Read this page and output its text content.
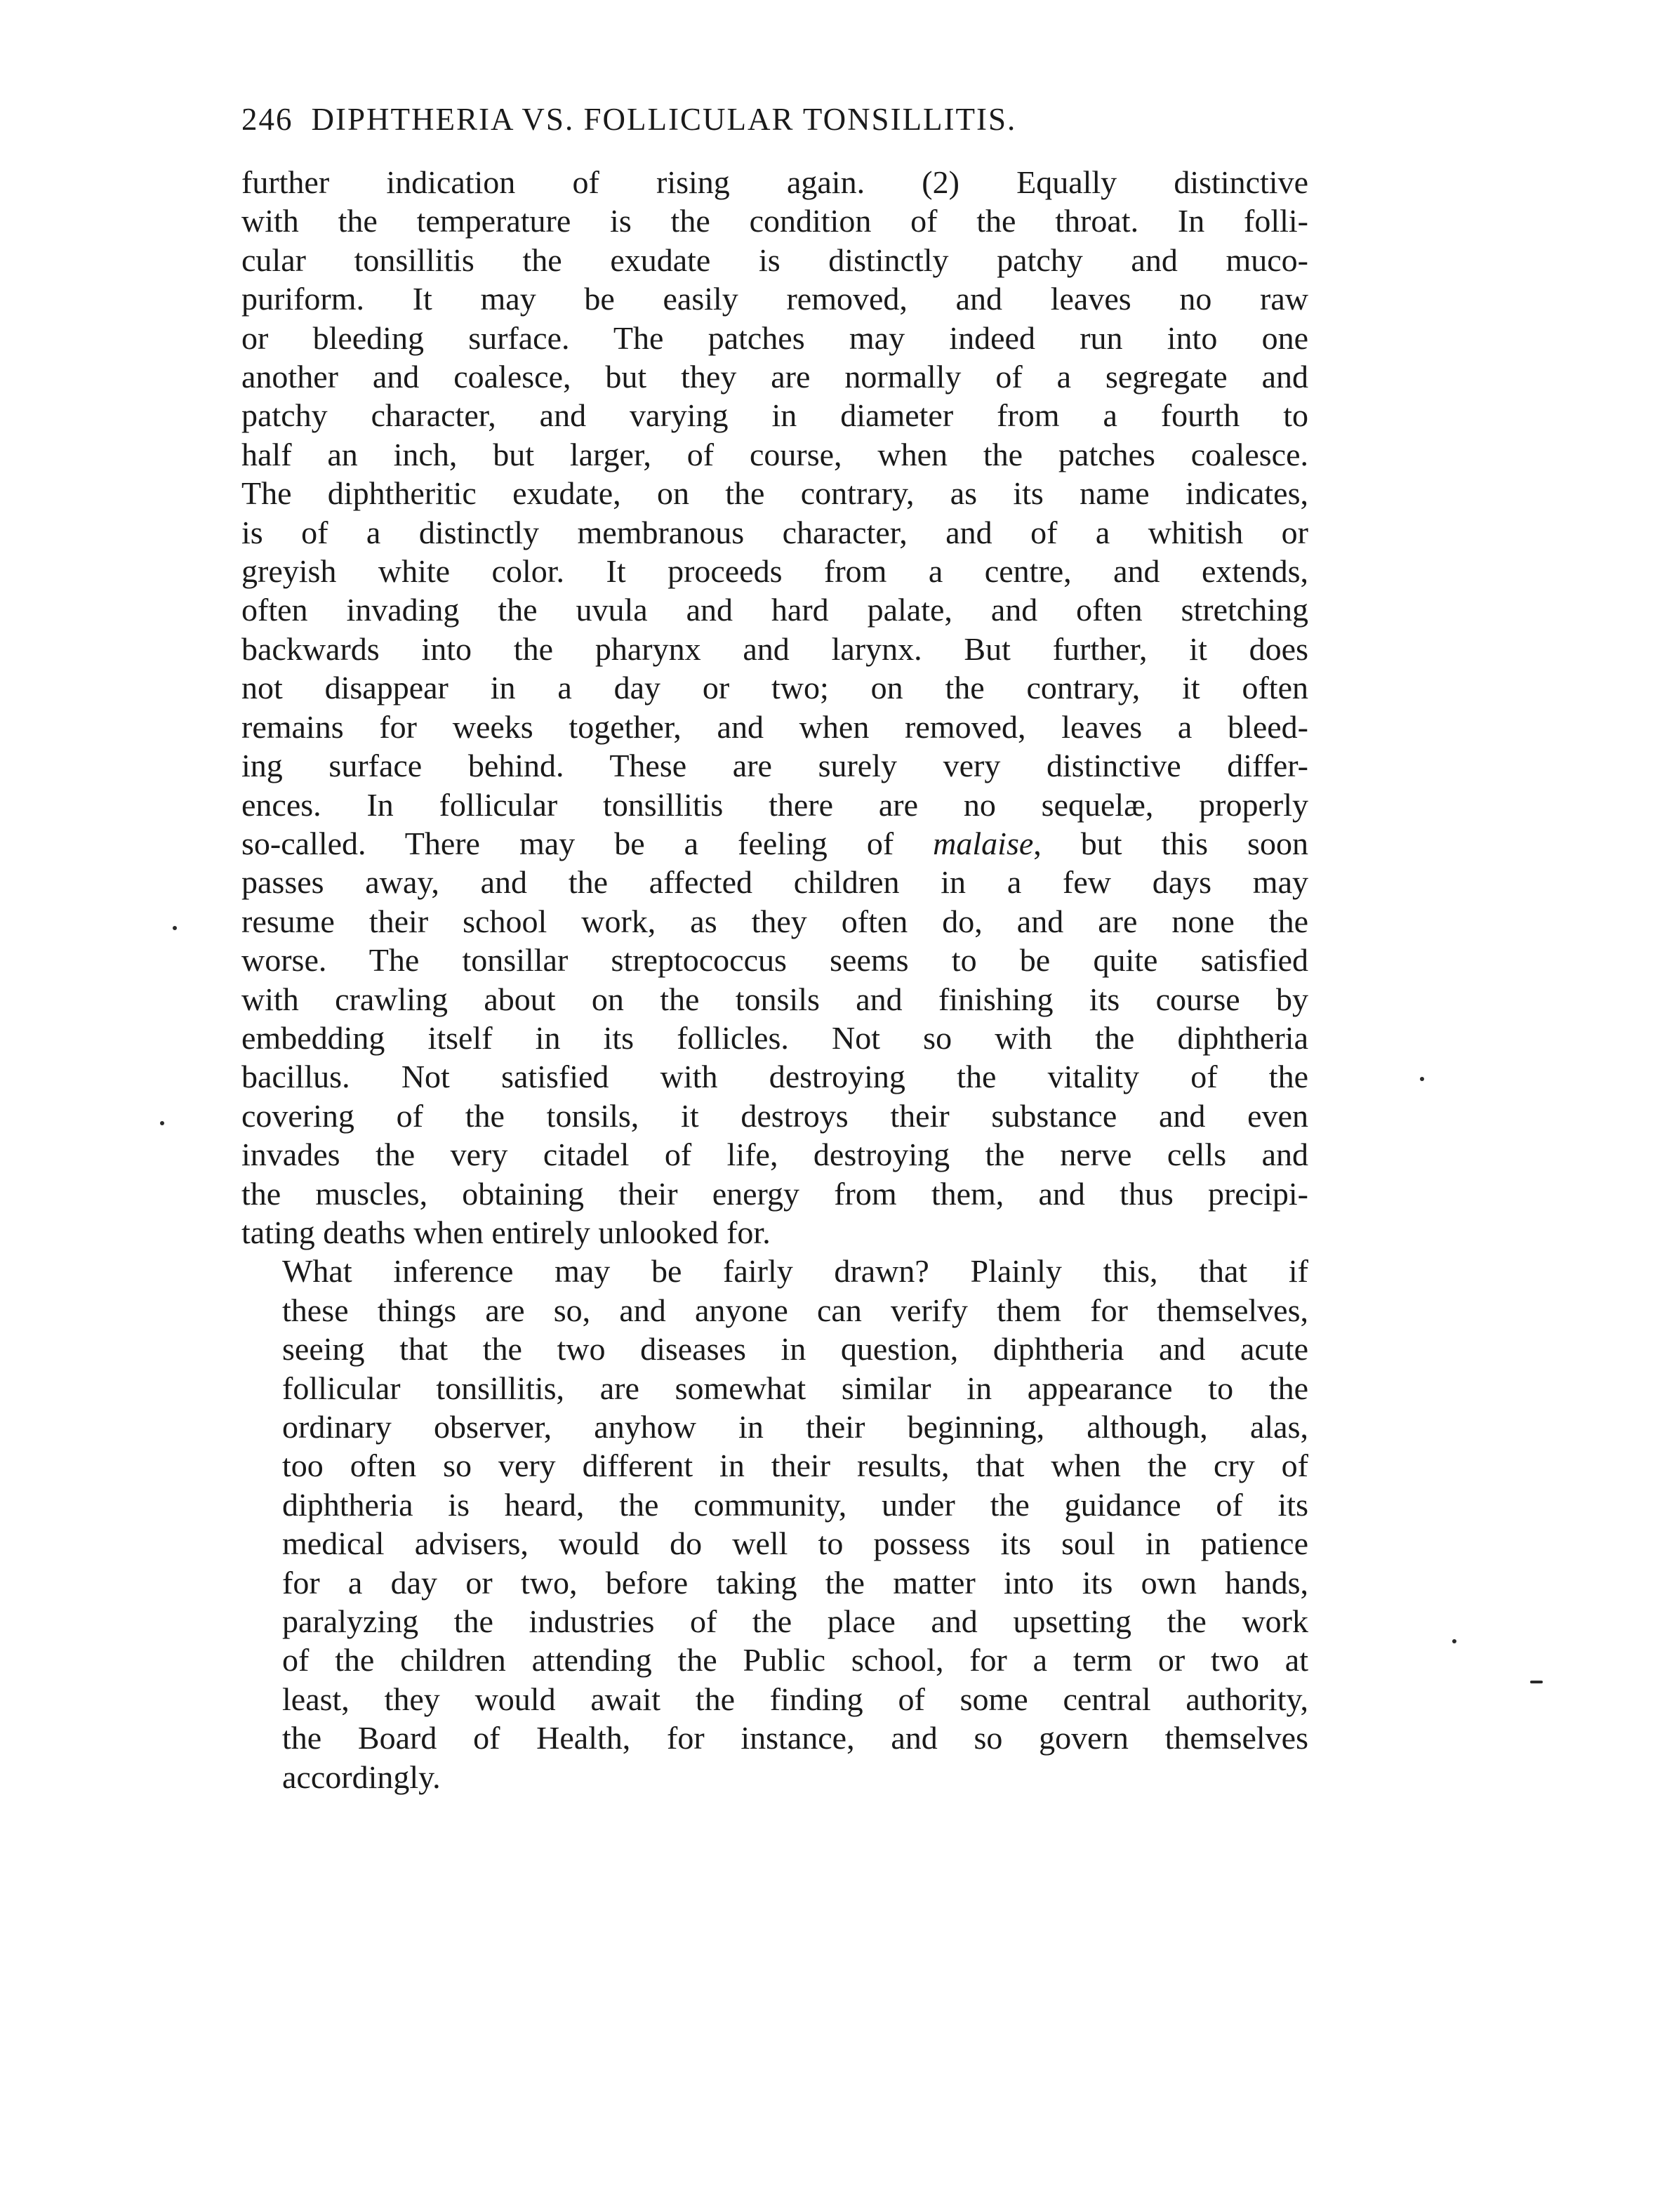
246 DIPHTHERIA VS. FOLLICULAR TONSILLITIS.

further indication of rising again. (2) Equally distinctive
with the temperature is the condition of the throat. In folli-
cular tonsillitis the exudate is distinctly patchy and muco-
puriform. It may be easily removed, and leaves no raw
or bleeding surface. The patches may indeed run into one
another and coalesce, but they are normally of a segregate and
patchy character, and varying in diameter from a fourth to
half an inch, but larger, of course, when the patches coalesce.
The diphtheritic exudate, on the contrary, as its name indicates,
is of a distinctly membranous character, and of a whitish or
greyish white color. It proceeds from a centre, and extends,
often invading the uvula and hard palate, and often stretching
backwards into the pharynx and larynx. But further, it does
not disappear in a day or two; on the contrary, it often
remains for weeks together, and when removed, leaves a bleed-
ing surface behind. These are surely very distinctive differ-
ences. In follicular tonsillitis there are no sequelæ, properly
so-called. There may be a feeling of malaise, but this soon
passes away, and the affected children in a few days may
resume their school work, as they often do, and are none the
worse. The tonsillar streptococcus seems to be quite satisfied
with crawling about on the tonsils and finishing its course by
embedding itself in its follicles. Not so with the diphtheria
bacillus. Not satisfied with destroying the vitality of the
covering of the tonsils, it destroys their substance and even
invades the very citadel of life, destroying the nerve cells and
the muscles, obtaining their energy from them, and thus precipi-
tating deaths when entirely unlooked for.

What inference may be fairly drawn? Plainly this, that if
these things are so, and anyone can verify them for themselves,
seeing that the two diseases in question, diphtheria and acute
follicular tonsillitis, are somewhat similar in appearance to the
ordinary observer, anyhow in their beginning, although, alas,
too often so very different in their results, that when the cry of
diphtheria is heard, the community, under the guidance of its
medical advisers, would do well to possess its soul in patience
for a day or two, before taking the matter into its own hands,
paralyzing the industries of the place and upsetting the work
of the children attending the Public school, for a term or two at
least, they would await the finding of some central authority,
the Board of Health, for instance, and so govern themselves
accordingly.
